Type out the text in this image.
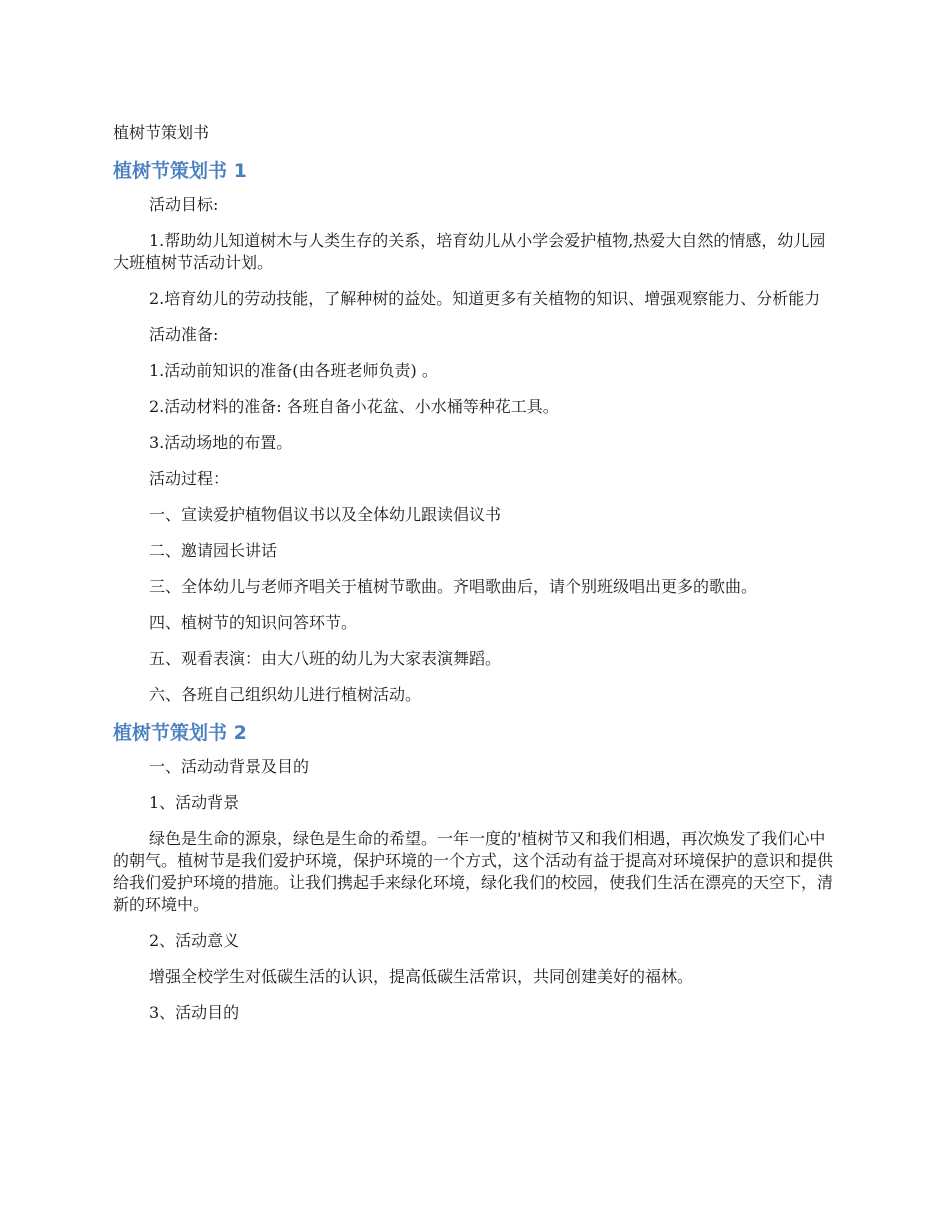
植树节策划书

植树节策划书 1

活动目标:

1.帮助幼儿知道树木与人类生存的关系，培育幼儿从小学会爱护植物,热爱大自然的情感，幼儿园大班植树节活动计划。

2.培育幼儿的劳动技能，了解种树的益处。知道更多有关植物的知识、增强观察能力、分析能力

活动准备:

1.活动前知识的准备(由各班老师负责) 。

2.活动材料的准备: 各班自备小花盆、小水桶等种花工具。

3.活动场地的布置。

活动过程：

一、宣读爱护植物倡议书以及全体幼儿跟读倡议书

二、邀请园长讲话

三、全体幼儿与老师齐唱关于植树节歌曲。齐唱歌曲后，请个别班级唱出更多的歌曲。

四、植树节的知识问答环节。

五、观看表演：由大八班的幼儿为大家表演舞蹈。

六、各班自己组织幼儿进行植树活动。

植树节策划书 2

一、活动动背景及目的

1、活动背景

绿色是生命的源泉，绿色是生命的希望。一年一度的'植树节又和我们相遇，再次焕发了我们心中的朝气。植树节是我们爱护环境，保护环境的一个方式，这个活动有益于提高对环境保护的意识和提供给我们爱护环境的措施。让我们携起手来绿化环境，绿化我们的校园，使我们生活在漂亮的天空下，清新的环境中。

2、活动意义

增强全校学生对低碳生活的认识，提高低碳生活常识，共同创建美好的福林。

3、活动目的
